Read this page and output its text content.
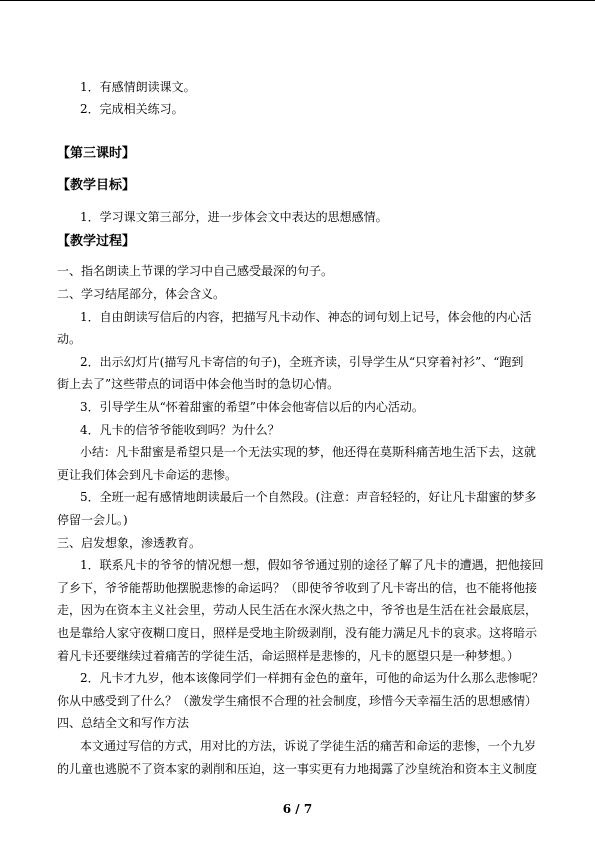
1．有感情朗读课文。
2．完成相关练习。
【第三课时】
【教学目标】
1．学习课文第三部分，进一步体会文中表达的思想感情。
【教学过程】
一、指名朗读上节课的学习中自己感受最深的句子。
二、学习结尾部分，体会含义。
1．自由朗读写信后的内容，把描写凡卡动作、神态的词句划上记号，体会他的内心活
动。
2．出示幻灯片(描写凡卡寄信的句子)，全班齐读，引导学生从“只穿着衬衫”、“跑到
街上去了”这些带点的词语中体会他当时的急切心情。
3．引导学生从“怀着甜蜜的希望”中体会他寄信以后的内心活动。
4．凡卡的信爷爷能收到吗？为什么？
小结：凡卡甜蜜是希望只是一个无法实现的梦，他还得在莫斯科痛苦地生活下去，这就
更让我们体会到凡卡命运的悲惨。
5．全班一起有感情地朗读最后一个自然段。(注意：声音轻轻的，好让凡卡甜蜜的梦多
停留一会儿。)
三、启发想象，渗透教育。
1．联系凡卡的爷爷的情况想一想，假如爷爷通过别的途径了解了凡卡的遭遇，把他接回
了乡下，爷爷能帮助他摆脱悲惨的命运吗？（即使爷爷收到了凡卡寄出的信，也不能将他接
走，因为在资本主义社会里，劳动人民生活在水深火热之中，爷爷也是生活在社会最底层，
也是靠给人家守夜糊口度日，照样是受地主阶级剥削，没有能力满足凡卡的哀求。这将暗示
着凡卡还要继续过着痛苦的学徒生活，命运照样是悲惨的，凡卡的愿望只是一种梦想。）
2．凡卡才九岁，他本该像同学们一样拥有金色的童年，可他的命运为什么那么悲惨呢？
你从中感受到了什么？（激发学生痛恨不合理的社会制度，珍惜今天幸福生活的思想感情）
四、总结全文和写作方法
本文通过写信的方式，用对比的方法，诉说了学徒生活的痛苦和命运的悲惨，一个九岁
的儿童也逃脱不了资本家的剥削和压迫，这一事实更有力地揭露了沙皇统治和资本主义制度
6 / 7
